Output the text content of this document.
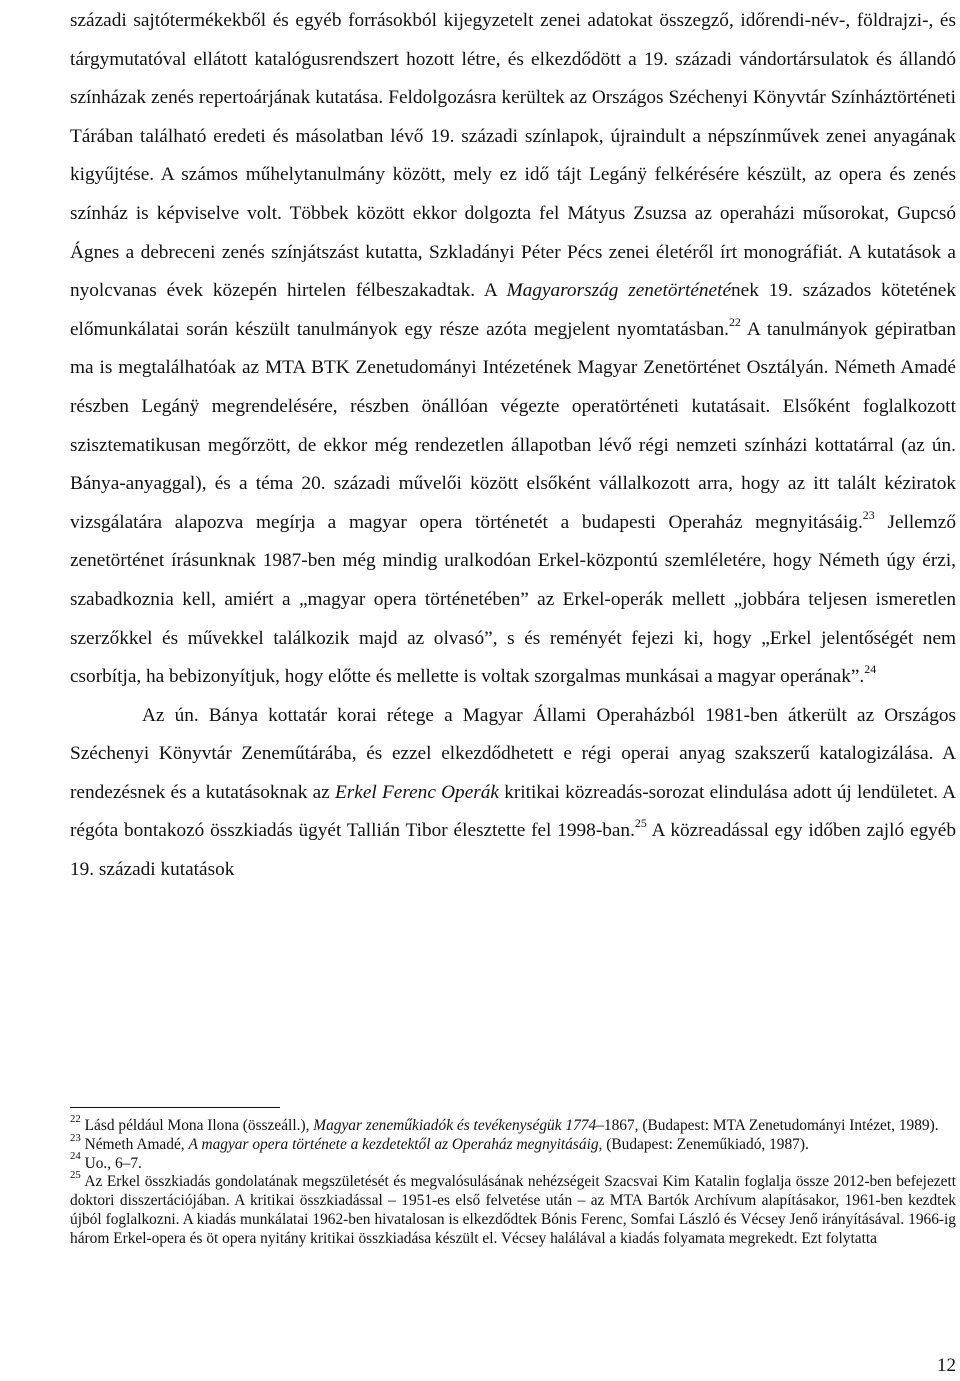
századi sajtótermékekből és egyéb forrásokból kijegyzetelt zenei adatokat összegző, időrendi-név-, földrajzi-, és tárgymutatóval ellátott katalógusrendszert hozott létre, és elkezdődött a 19. századi vándortársulatok és állandó színházak zenés repertoárjának kutatása. Feldolgozásra kerültek az Országos Széchenyi Könyvtár Színháztörténeti Tárában található eredeti és másolatban lévő 19. századi színlapok, újraindult a népszínművek zenei anyagának kigyűjtése. A számos műhelytanulmány között, mely ez idő tájt Legánÿ felkérésére készült, az opera és zenés színház is képviselve volt. Többek között ekkor dolgozta fel Mátyus Zsuzsa az operaházi műsorokat, Gupcsó Ágnes a debreceni zenés színjátszást kutatta, Szkladányi Péter Pécs zenei életéről írt monográfiát. A kutatások a nyolcvanas évek közepén hirtelen félbeszakadtak. A Magyarország zenetörténetének 19. százados kötetének előmunkálatai során készült tanulmányok egy része azóta megjelent nyomtatásban.$^{22}$ A tanulmányok gépiratban ma is megtalálhatóak az MTA BTK Zenetudományi Intézetének Magyar Zenetörténet Osztályán. Németh Amadé részben Legánÿ megrendelésére, részben önállóan végezte operatörténeti kutatásait. Elsőként foglalkozott szisztematikusan megőrzött, de ekkor még rendezetlen állapotban lévő régi nemzeti színházi kottatárral (az ún. Bánya-anyaggal), és a téma 20. századi művelői között elsőként vállalkozott arra, hogy az itt talált kéziratok vizsgálatára alapozva megírja a magyar opera történetét a budapesti Operaház megnyitásáig.$^{23}$ Jellemző zenetörténet írásunknak 1987-ben még mindig uralkodóan Erkel-központú szemléletére, hogy Németh úgy érzi, szabadkoznia kell, amiért a „magyar opera történetében” az Erkel-operák mellett „jobbára teljesen ismeretlen szerzőkkel és művekkel találkozik majd az olvasó”, s és reményét fejezi ki, hogy „Erkel jelentőségét nem csorbítja, ha bebizonyítjuk, hogy előtte és mellette is voltak szorgalmas munkásai a magyar operának”.$^{24}$

Az ún. Bánya kottatár korai rétege a Magyar Állami Operaházból 1981-ben átkerült az Országos Széchenyi Könyvtár Zeneműtárába, és ezzel elkezdődhetett e régi operai anyag szakszerű katalogizálása. A rendezésnek és a kutatásoknak az Erkel Ferenc Operák kritikai közreadás-sorozat elindulása adott új lendületet. A régóta bontakozó összkiadás ügyét Tallián Tibor élesztette fel 1998-ban.$^{25}$ A közreadással egy időben zajló egyéb 19. századi kutatások

$^{22}$ Lásd például Mona Ilona (összeáll.), Magyar zeneműkiadók és tevékenységük 1774–1867, (Budapest: MTA Zenetudományi Intézet, 1989).

$^{23}$ Németh Amadé, A magyar opera története a kezdetektől az Operaház megnyitásáig, (Budapest: Zeneműkiadó, 1987).

$^{24}$ Uo., 6–7.

$^{25}$ Az Erkel összkiadás gondolatának megszületését és megvalósulásának nehézségeit Szacsvai Kim Katalin foglalja össze 2012-ben befejezett doktori disszertációjában. A kritikai összkiadással – 1951-es első felvetése után – az MTA Bartók Archívum alapításakor, 1961-ben kezdtek újból foglalkozni. A kiadás munkálatai 1962-ben hivatalosan is elkezdődtek Bónis Ferenc, Somfai László és Vécsey Jenő irányításával. 1966-ig három Erkel-opera és öt opera nyitány kritikai összkiadása készült el. Vécsey halálával a kiadás folyamata megrekedt. Ezt folytatta

12
